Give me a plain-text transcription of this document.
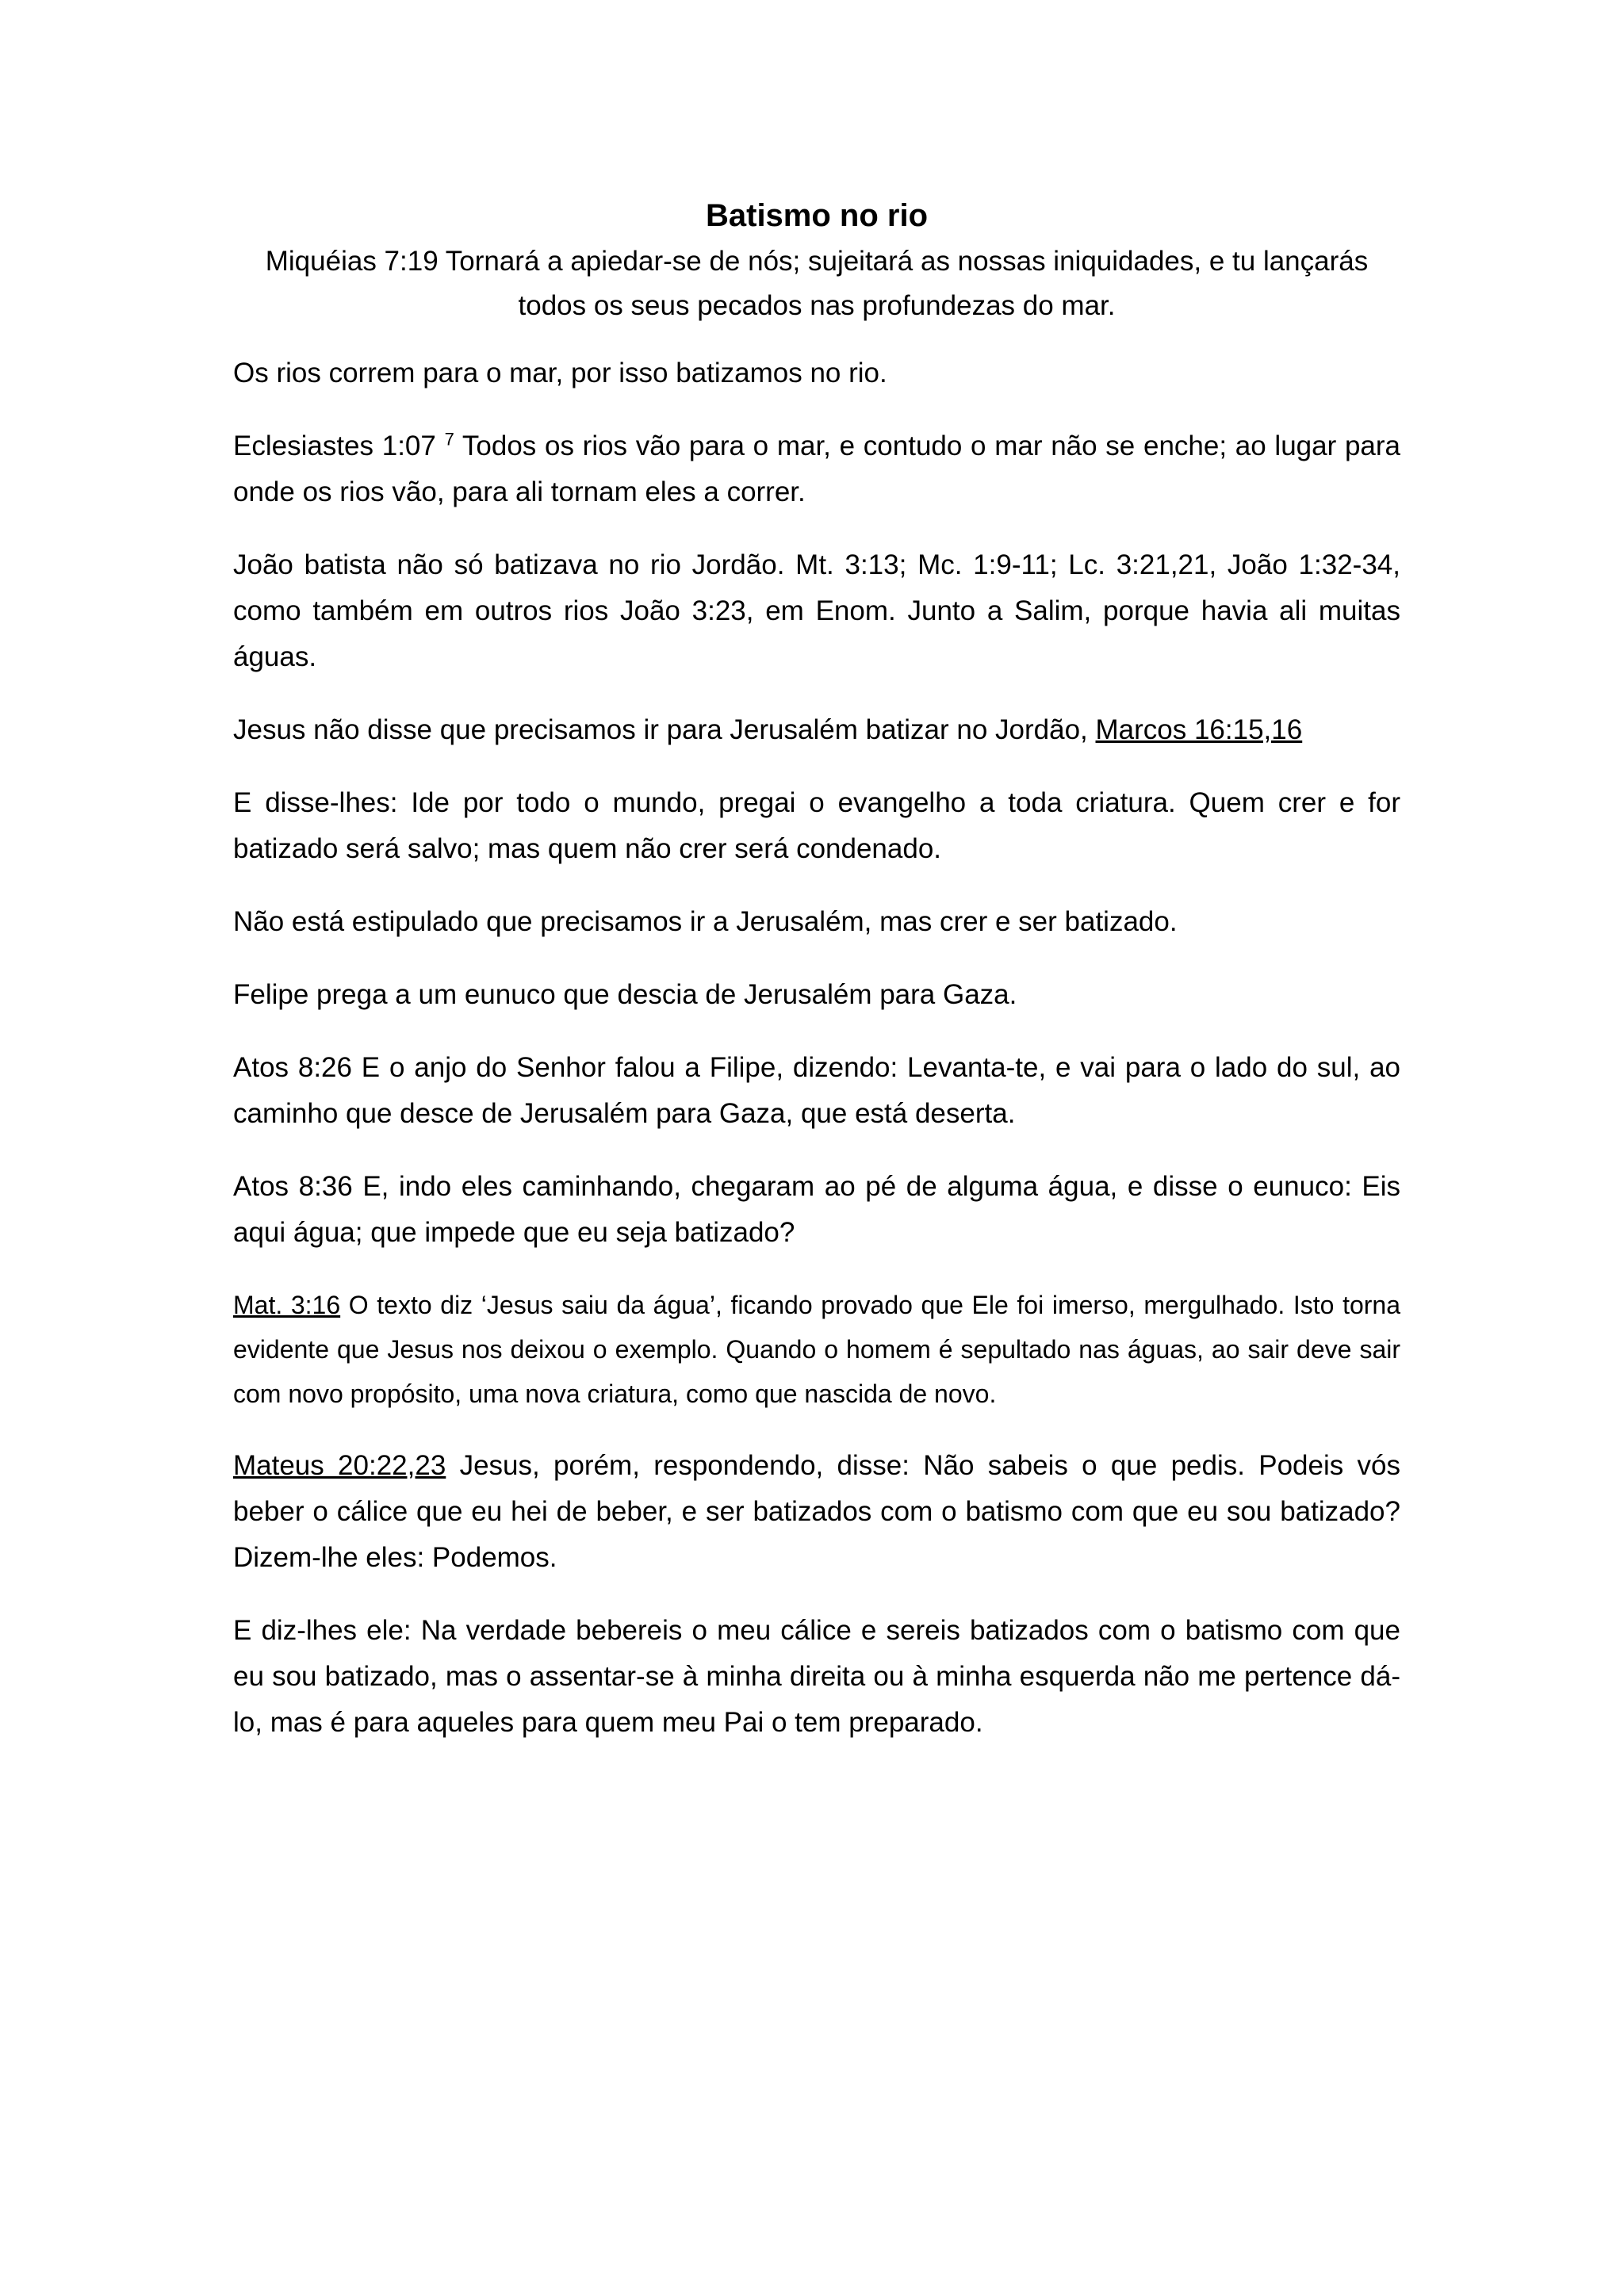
Batismo no rio
Miquéias 7:19 Tornará a apiedar-se de nós; sujeitará as nossas iniquidades, e tu lançarás todos os seus pecados nas profundezas do mar.

Os rios correm para o mar, por isso batizamos no rio.

Eclesiastes 1:07 $^7$ Todos os rios vão para o mar, e contudo o mar não se enche; ao lugar para onde os rios vão, para ali tornam eles a correr.

João batista não só batizava no rio Jordão. Mt. 3:13; Mc. 1:9-11; Lc. 3:21,21, João 1:32-34, como também em outros rios João 3:23, em Enom. Junto a Salim, porque havia ali muitas águas.

Jesus não disse que precisamos ir para Jerusalém batizar no Jordão, Marcos 16:15,16

E disse-lhes: Ide por todo o mundo, pregai o evangelho a toda criatura. Quem crer e for batizado será salvo; mas quem não crer será condenado.

Não está estipulado que precisamos ir a Jerusalém, mas crer e ser batizado.

Felipe prega a um eunuco que descia de Jerusalém para Gaza.

Atos 8:26 E o anjo do Senhor falou a Filipe, dizendo: Levanta-te, e vai para o lado do sul, ao caminho que desce de Jerusalém para Gaza, que está deserta.

Atos 8:36 E, indo eles caminhando, chegaram ao pé de alguma água, e disse o eunuco: Eis aqui água; que impede que eu seja batizado?

Mat. 3:16 O texto diz ‘Jesus saiu da água’, ficando provado que Ele foi imerso, mergulhado. Isto torna evidente que Jesus nos deixou o exemplo. Quando o homem é sepultado nas águas, ao sair deve sair com novo propósito, uma nova criatura, como que nascida de novo.

Mateus 20:22,23 Jesus, porém, respondendo, disse: Não sabeis o que pedis. Podeis vós beber o cálice que eu hei de beber, e ser batizados com o batismo com que eu sou batizado? Dizem-lhe eles: Podemos.

E diz-lhes ele: Na verdade bebereis o meu cálice e sereis batizados com o batismo com que eu sou batizado, mas o assentar-se à minha direita ou à minha esquerda não me pertence dá-lo, mas é para aqueles para quem meu Pai o tem preparado.
